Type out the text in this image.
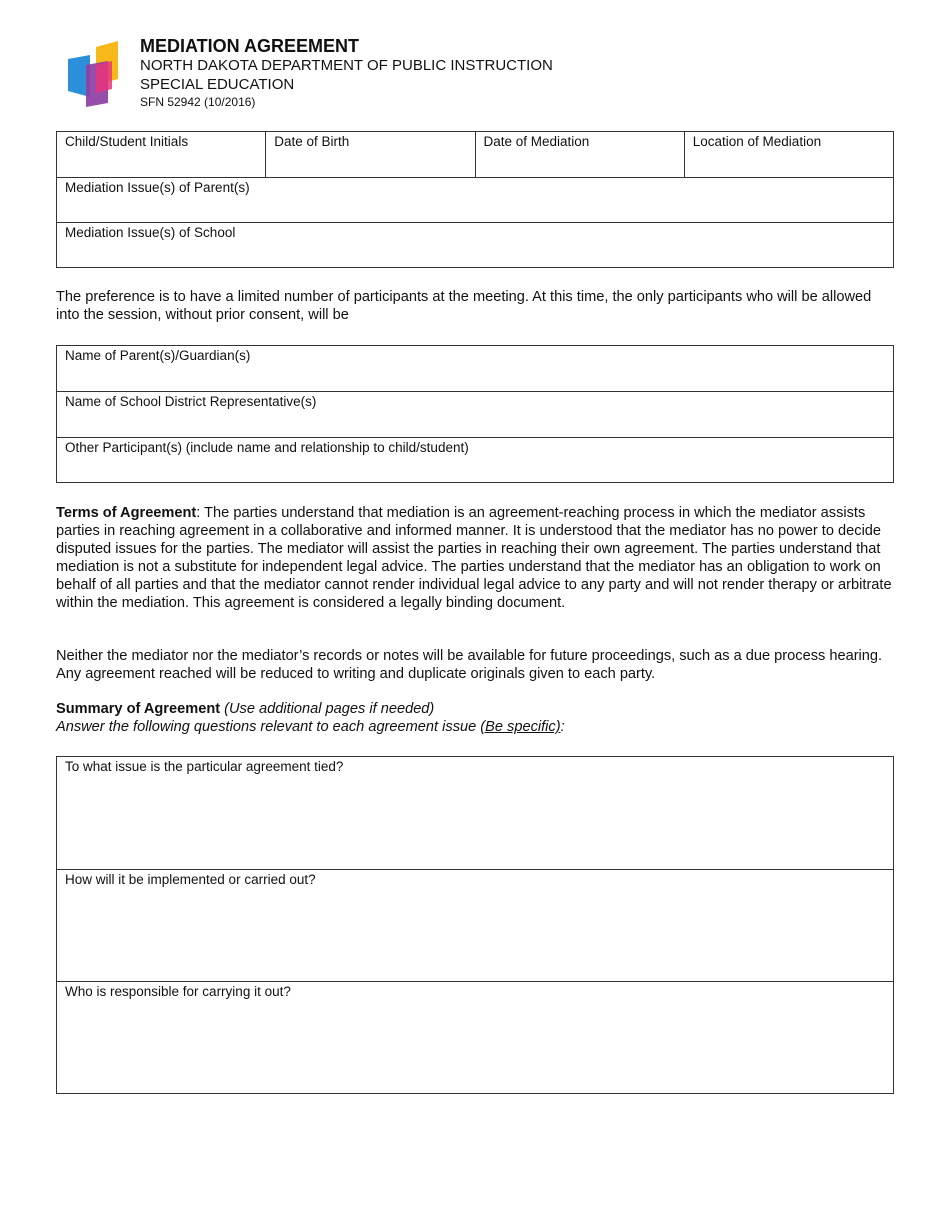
MEDIATION AGREEMENT
NORTH DAKOTA DEPARTMENT OF PUBLIC INSTRUCTION
SPECIAL EDUCATION
SFN 52942 (10/2016)
Child/Student Initials	Date of Birth	Date of Mediation	Location of Mediation
Mediation Issue(s) of Parent(s)
Mediation Issue(s) of School

The preference is to have a limited number of participants at the meeting. At this time, the only participants who will be allowed into the session, without prior consent, will be

Name of Parent(s)/Guardian(s)
Name of School District Representative(s)
Other Participant(s) (include name and relationship to child/student)

Terms of Agreement: The parties understand that mediation is an agreement-reaching process in which the mediator assists parties in reaching agreement in a collaborative and informed manner. It is understood that the mediator has no power to decide disputed issues for the parties. The mediator will assist the parties in reaching their own agreement. The parties understand that mediation is not a substitute for independent legal advice. The parties understand that the mediator has an obligation to work on behalf of all parties and that the mediator cannot render individual legal advice to any party and will not render therapy or arbitrate within the mediation. This agreement is considered a legally binding document.

Neither the mediator nor the mediator’s records or notes will be available for future proceedings, such as a due process hearing. Any agreement reached will be reduced to writing and duplicate originals given to each party.

Summary of Agreement (Use additional pages if needed)
Answer the following questions relevant to each agreement issue (Be specific):

To what issue is the particular agreement tied?
How will it be implemented or carried out?
Who is responsible for carrying it out?
